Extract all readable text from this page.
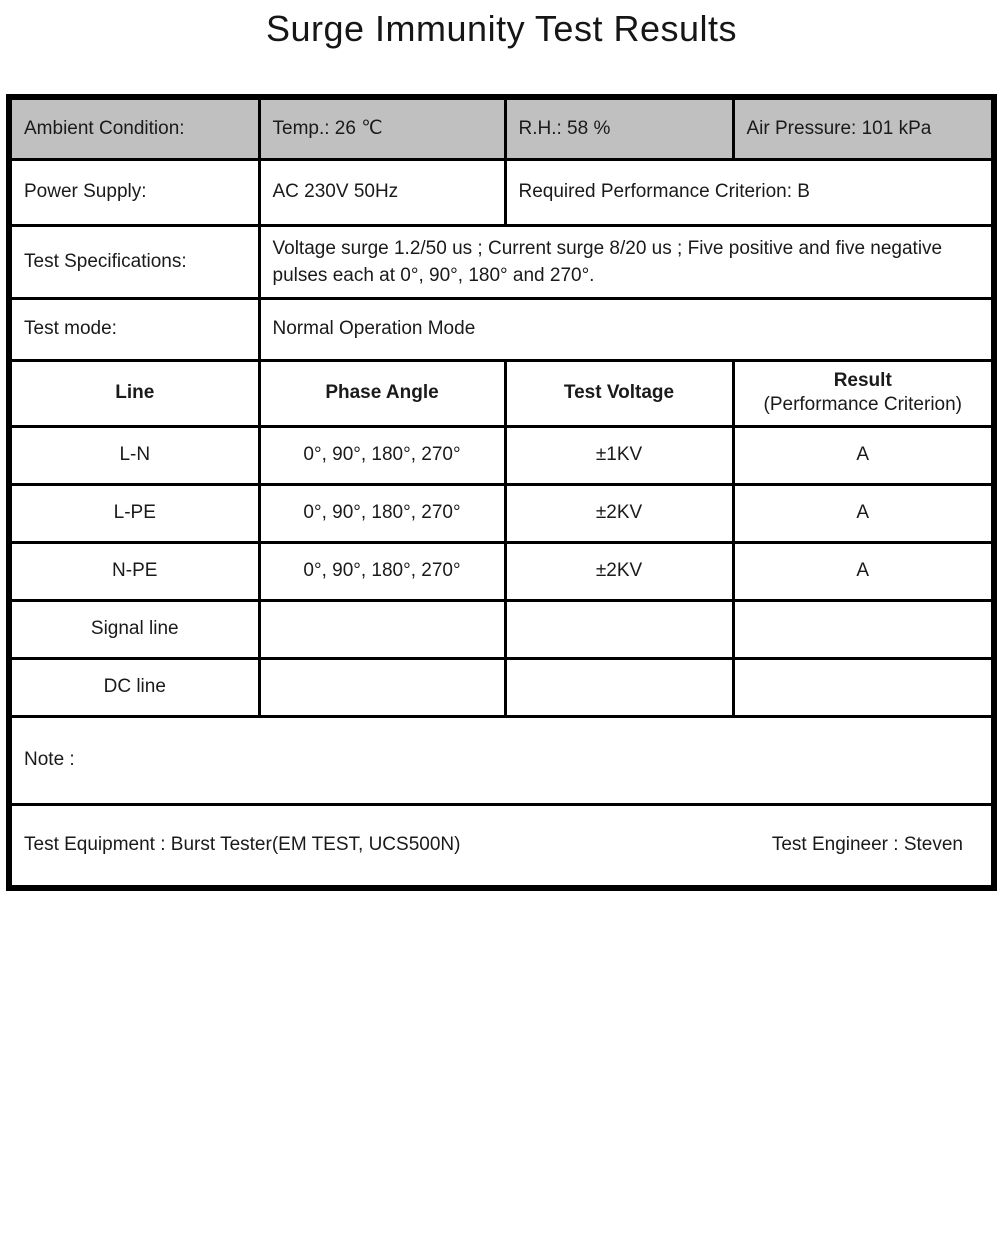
Surge Immunity Test Results
Ambient Condition:	Temp.: 26 ℃	R.H.: 58 %	Air Pressure: 101 kPa
Power Supply:	AC 230V 50Hz	Required Performance Criterion: B	
Test Specifications:	Voltage surge 1.2/50 us ; Current surge 8/20 us ; Five positive and five negative pulses each at 0°, 90°, 180° and 270°.		
Test mode:	Normal Operation Mode		
Line	Phase Angle	Test Voltage	Result
(Performance Criterion)

L-N	0°, 90°, 180°, 270°	±1KV	A
L-PE	0°, 90°, 180°, 270°	±2KV	A
N-PE	0°, 90°, 180°, 270°	±2KV	A
Signal line			
DC line			
Note :			

Test Equipment : Burst Tester(EM TEST, UCS500N) Test Engineer : Steven			
